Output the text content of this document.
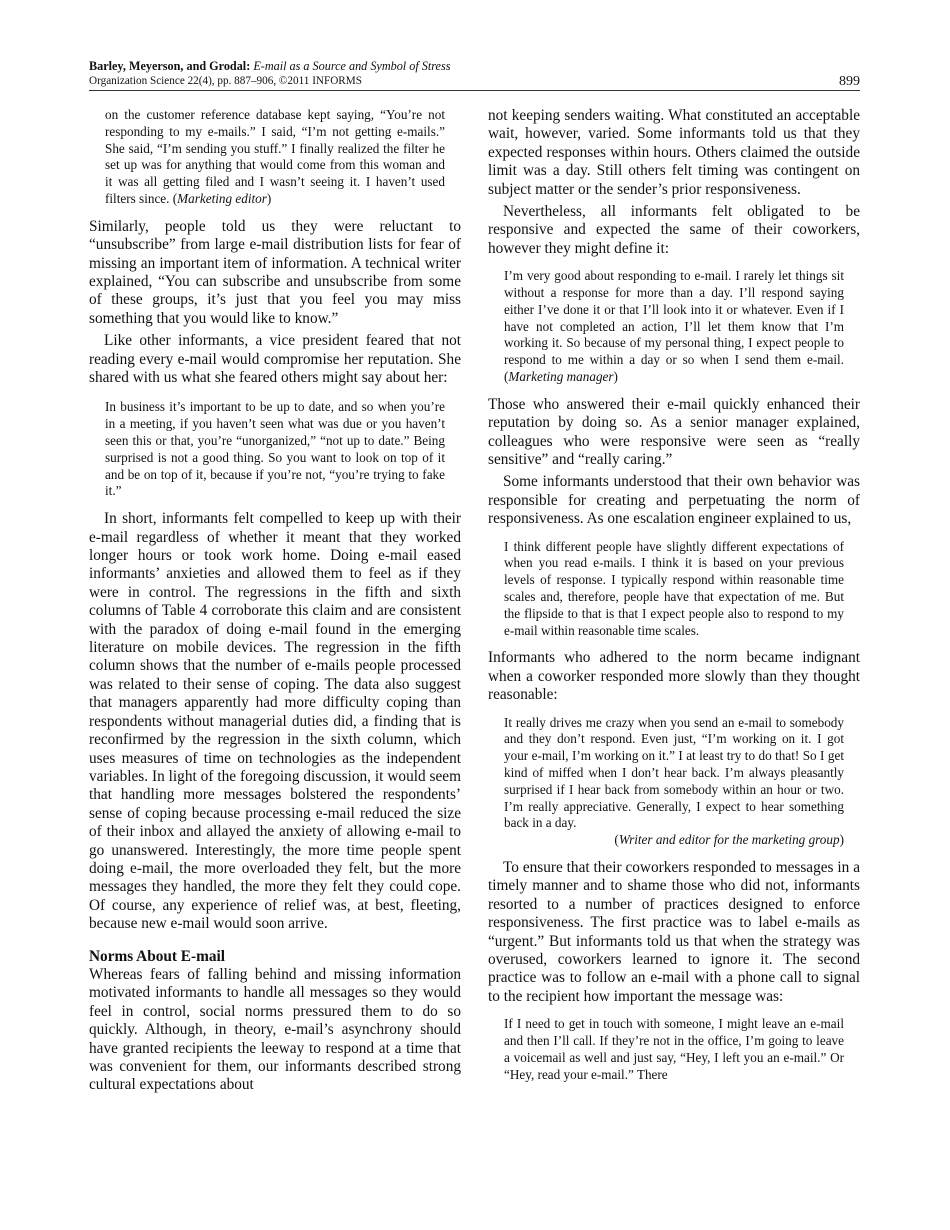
Barley, Meyerson, and Grodal: E-mail as a Source and Symbol of Stress
Organization Science 22(4), pp. 887–906, ©2011 INFORMS	899

on the customer reference database kept saying, “You’re not responding to my e-mails.” I said, “I’m not getting e-mails.” She said, “I’m sending you stuff.” I finally realized the filter he set up was for anything that would come from this woman and it was all getting filed and I wasn’t seeing it. I haven’t used filters since. (Marketing editor)

Similarly, people told us they were reluctant to “unsubscribe” from large e-mail distribution lists for fear of missing an important item of information. A technical writer explained, “You can subscribe and unsubscribe from some of these groups, it’s just that you feel you may miss something that you would like to know.”

Like other informants, a vice president feared that not reading every e-mail would compromise her reputation. She shared with us what she feared others might say about her:

In business it’s important to be up to date, and so when you’re in a meeting, if you haven’t seen what was due or you haven’t seen this or that, you’re “unorganized,” “not up to date.” Being surprised is not a good thing. So you want to look on top of it and be on top of it, because if you’re not, “you’re trying to fake it.”

In short, informants felt compelled to keep up with their e-mail regardless of whether it meant that they worked longer hours or took work home. Doing e-mail eased informants’ anxieties and allowed them to feel as if they were in control. The regressions in the fifth and sixth columns of Table 4 corroborate this claim and are consistent with the paradox of doing e-mail found in the emerging literature on mobile devices. The regression in the fifth column shows that the number of e-mails people processed was related to their sense of coping. The data also suggest that managers apparently had more difficulty coping than respondents without managerial duties did, a finding that is reconfirmed by the regression in the sixth column, which uses measures of time on technologies as the independent variables. In light of the foregoing discussion, it would seem that handling more messages bolstered the respondents’ sense of coping because processing e-mail reduced the size of their inbox and allayed the anxiety of allowing e-mail to go unanswered. Interestingly, the more time people spent doing e-mail, the more overloaded they felt, but the more messages they handled, the more they felt they could cope. Of course, any experience of relief was, at best, fleeting, because new e-mail would soon arrive.

Norms About E-mail

Whereas fears of falling behind and missing information motivated informants to handle all messages so they would feel in control, social norms pressured them to do so quickly. Although, in theory, e-mail’s asynchrony should have granted recipients the leeway to respond at a time that was convenient for them, our informants described strong cultural expectations about

not keeping senders waiting. What constituted an acceptable wait, however, varied. Some informants told us that they expected responses within hours. Others claimed the outside limit was a day. Still others felt timing was contingent on subject matter or the sender’s prior responsiveness.

Nevertheless, all informants felt obligated to be responsive and expected the same of their coworkers, however they might define it:

I’m very good about responding to e-mail. I rarely let things sit without a response for more than a day. I’ll respond saying either I’ve done it or that I’ll look into it or whatever. Even if I have not completed an action, I’ll let them know that I’m working it. So because of my personal thing, I expect people to respond to me within a day or so when I send them e-mail. (Marketing manager)

Those who answered their e-mail quickly enhanced their reputation by doing so. As a senior manager explained, colleagues who were responsive were seen as “really sensitive” and “really caring.”

Some informants understood that their own behavior was responsible for creating and perpetuating the norm of responsiveness. As one escalation engineer explained to us,

I think different people have slightly different expectations of when you read e-mails. I think it is based on your previous levels of response. I typically respond within reasonable time scales and, therefore, people have that expectation of me. But the flipside to that is that I expect people also to respond to my e-mail within reasonable time scales.

Informants who adhered to the norm became indignant when a coworker responded more slowly than they thought reasonable:

It really drives me crazy when you send an e-mail to somebody and they don’t respond. Even just, “I’m working on it. I got your e-mail, I’m working on it.” I at least try to do that! So I get kind of miffed when I don’t hear back. I’m always pleasantly surprised if I hear back from somebody within an hour or two. I’m really appreciative. Generally, I expect to hear something back in a day.
(Writer and editor for the marketing group)

To ensure that their coworkers responded to messages in a timely manner and to shame those who did not, informants resorted to a number of practices designed to enforce responsiveness. The first practice was to label e-mails as “urgent.” But informants told us that when the strategy was overused, coworkers learned to ignore it. The second practice was to follow an e-mail with a phone call to signal to the recipient how important the message was:

If I need to get in touch with someone, I might leave an e-mail and then I’ll call. If they’re not in the office, I’m going to leave a voicemail as well and just say, “Hey, I left you an e-mail.” Or “Hey, read your e-mail.” There
